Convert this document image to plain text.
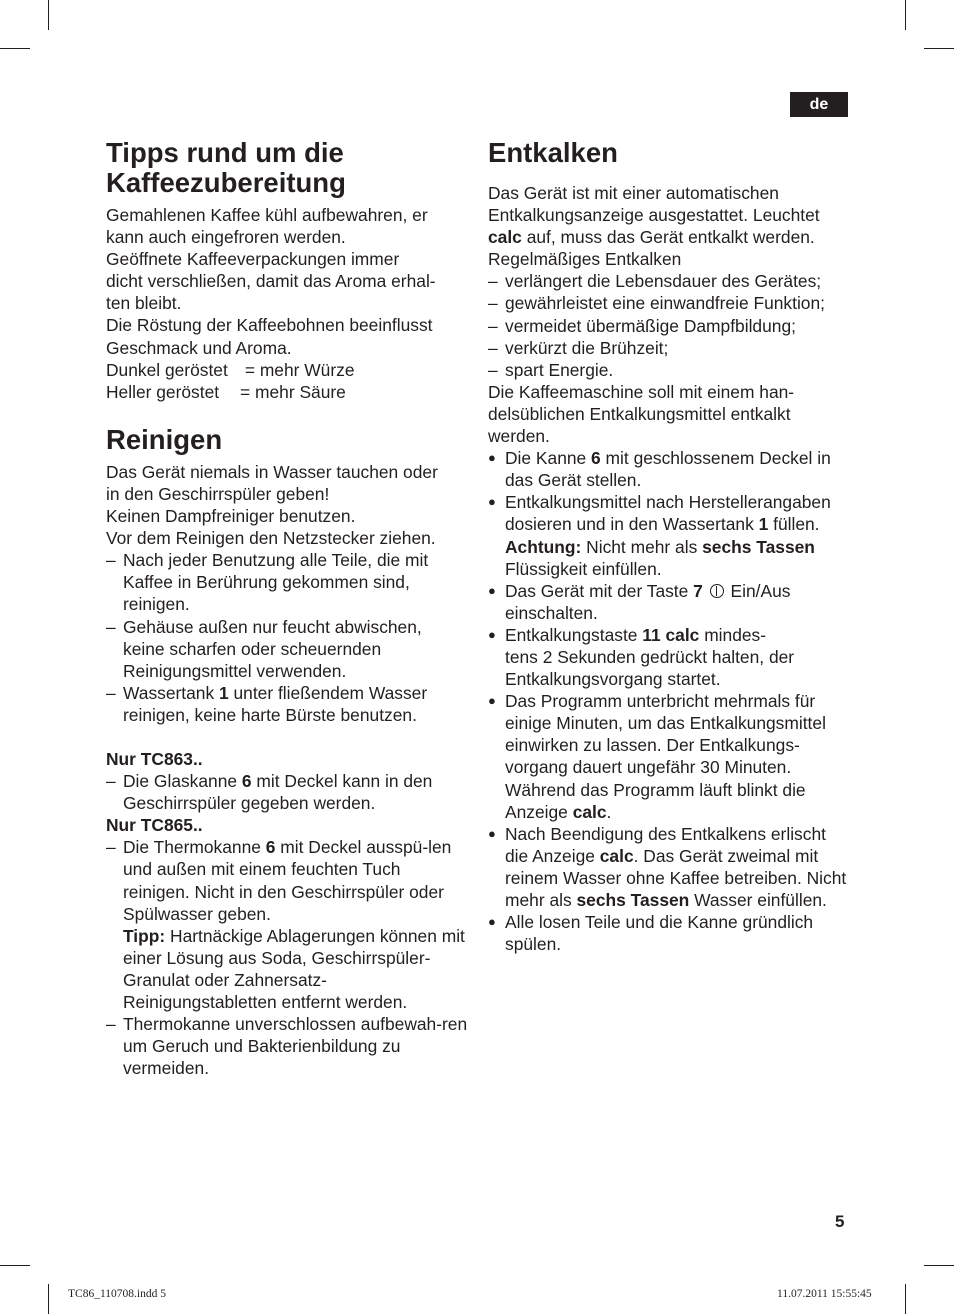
de
Tipps rund um die
Kaffeezubereitung

Gemahlenen Kaffee kühl aufbewahren, er
kann auch eingefroren werden.
Geöffnete Kaffeeverpackungen immer
dicht verschließen, damit das Aroma erhal-
ten bleibt.
Die Röstung der Kaffeebohnen beeinflusst
Geschmack und Aroma.

Dunkel geröstet = mehr Würze

Heller geröstet = mehr Säure

Reinigen

Das Gerät niemals in Wasser tauchen oder
in den Geschirrspüler geben!
Keinen Dampfreiniger benutzen.
Vor dem Reinigen den Netzstecker ziehen.

– Nach jeder Benutzung alle Teile, die mit Kaffee in Berührung gekommen sind, reinigen.
– Gehäuse außen nur feucht abwischen, keine scharfen oder scheuernden Reinigungsmittel verwenden.
– Wassertank 1 unter fließendem Wasser reinigen, keine harte Bürste benutzen.

Nur TC863..

– Die Glaskanne 6 mit Deckel kann in den Geschirrspüler gegeben werden.

Nur TC865..

– Die Thermokanne 6 mit Deckel ausspü-len und außen mit einem feuchten Tuch reinigen. Nicht in den Geschirrspüler oder Spülwasser geben.
Tipp: Hartnäckige Ablagerungen können mit einer Lösung aus Soda, Geschirrspüler-Granulat oder Zahnersatz-Reinigungstabletten entfernt werden.
– Thermokanne unverschlossen aufbewah-ren um Geruch und Bakterienbildung zu vermeiden.
Entkalken

Das Gerät ist mit einer automatischen Entkalkungsanzeige ausgestattet. Leuchtet calc auf, muss das Gerät entkalkt werden.

Regelmäßiges Entkalken

– verlängert die Lebensdauer des Gerätes;
– gewährleistet eine einwandfreie Funktion;
– vermeidet übermäßige Dampfbildung;
– verkürzt die Brühzeit;
– spart Energie.

Die Kaffeemaschine soll mit einem han-delsüblichen Entkalkungsmittel entkalkt werden.

● Die Kanne 6 mit geschlossenem Deckel in das Gerät stellen.
● Entkalkungsmittel nach Herstellerangaben dosieren und in den Wassertank 1 füllen.
Achtung: Nicht mehr als sechs Tassen Flüssigkeit einfüllen.
● Das Gerät mit der Taste 7  Ein/Aus einschalten.
● Entkalkungstaste 11 calc mindes-
tens 2 Sekunden gedrückt halten, der Entkalkungsvorgang startet.
● Das Programm unterbricht mehrmals für einige Minuten, um das Entkalkungsmittel einwirken zu lassen. Der Entkalkungs-vorgang dauert ungefähr 30 Minuten. Während das Programm läuft blinkt die Anzeige calc.
● Nach Beendigung des Entkalkens erlischt die Anzeige calc. Das Gerät zweimal mit reinem Wasser ohne Kaffee betreiben. Nicht mehr als sechs Tassen Wasser einfüllen.
● Alle losen Teile und die Kanne gründlich spülen.
5
TC86_110708.indd 5	11.07.2011 15:55:45
